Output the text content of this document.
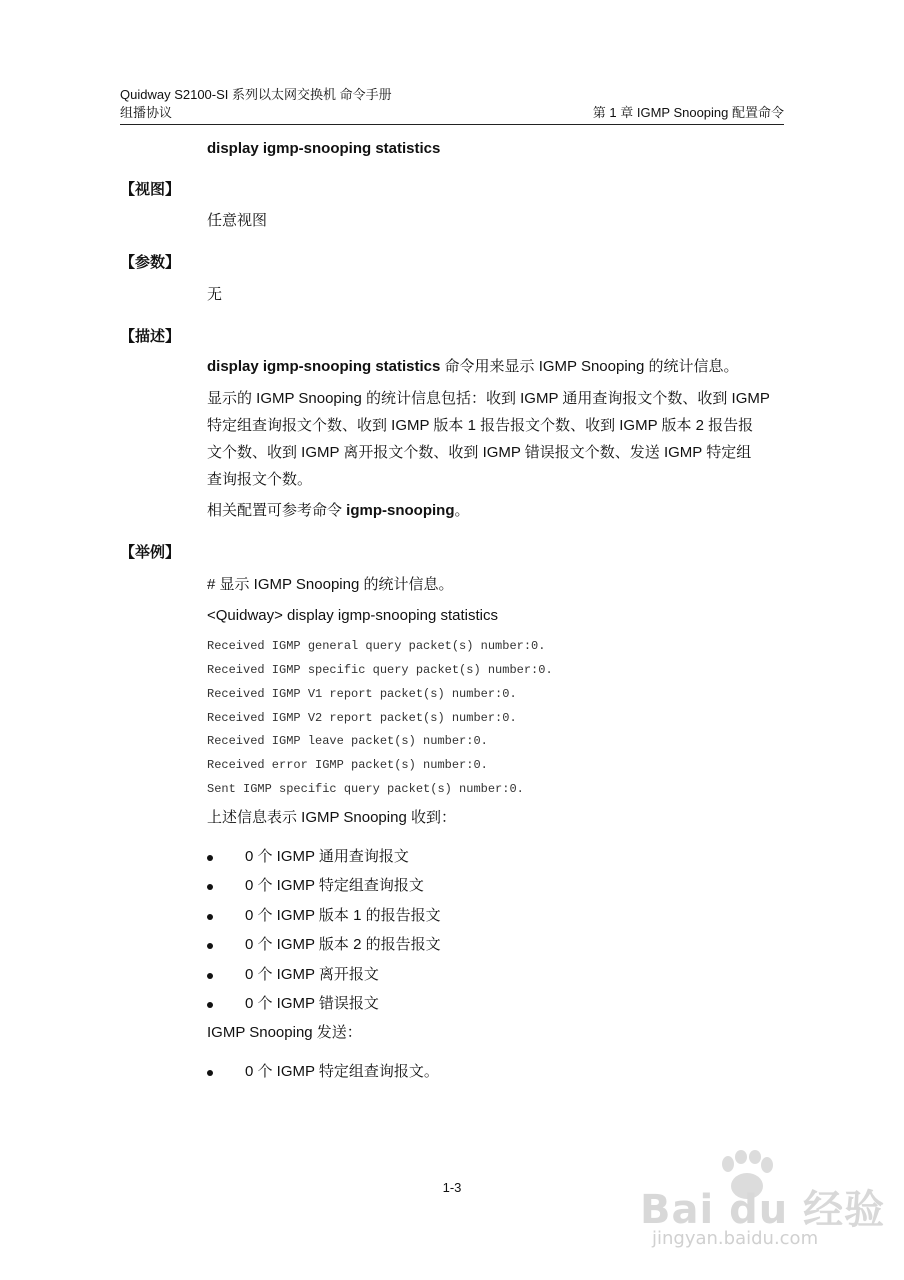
Quidway S2100-SI 系列以太网交换机 命令手册
组播协议	第 1 章 IGMP Snooping 配置命令
display igmp-snooping statistics
【视图】
任意视图
【参数】
无
【描述】
display igmp-snooping statistics 命令用来显示 IGMP Snooping 的统计信息。
显示的 IGMP Snooping 的统计信息包括：收到 IGMP 通用查询报文个数、收到 IGMP
特定组查询报文个数、收到 IGMP 版本 1 报告报文个数、收到 IGMP 版本 2 报告报
文个数、收到 IGMP 离开报文个数、收到 IGMP 错误报文个数、发送 IGMP 特定组
查询报文个数。
相关配置可参考命令 igmp-snooping。
【举例】
# 显示 IGMP Snooping 的统计信息。
<Quidway> display igmp-snooping statistics
Received IGMP general query packet(s) number:0.
Received IGMP specific query packet(s) number:0.
Received IGMP V1 report packet(s) number:0.
Received IGMP V2 report packet(s) number:0.
Received IGMP leave packet(s) number:0.
Received error IGMP packet(s) number:0.
Sent IGMP specific query packet(s) number:0.
上述信息表示 IGMP Snooping 收到：
0 个 IGMP 通用查询报文
0 个 IGMP 特定组查询报文
0 个 IGMP 版本 1 的报告报文
0 个 IGMP 版本 2 的报告报文
0 个 IGMP 离开报文
0 个 IGMP 错误报文
IGMP Snooping 发送：
0 个 IGMP 特定组查询报文。
1-3	Bai du 经验
jingyan.baidu.com
